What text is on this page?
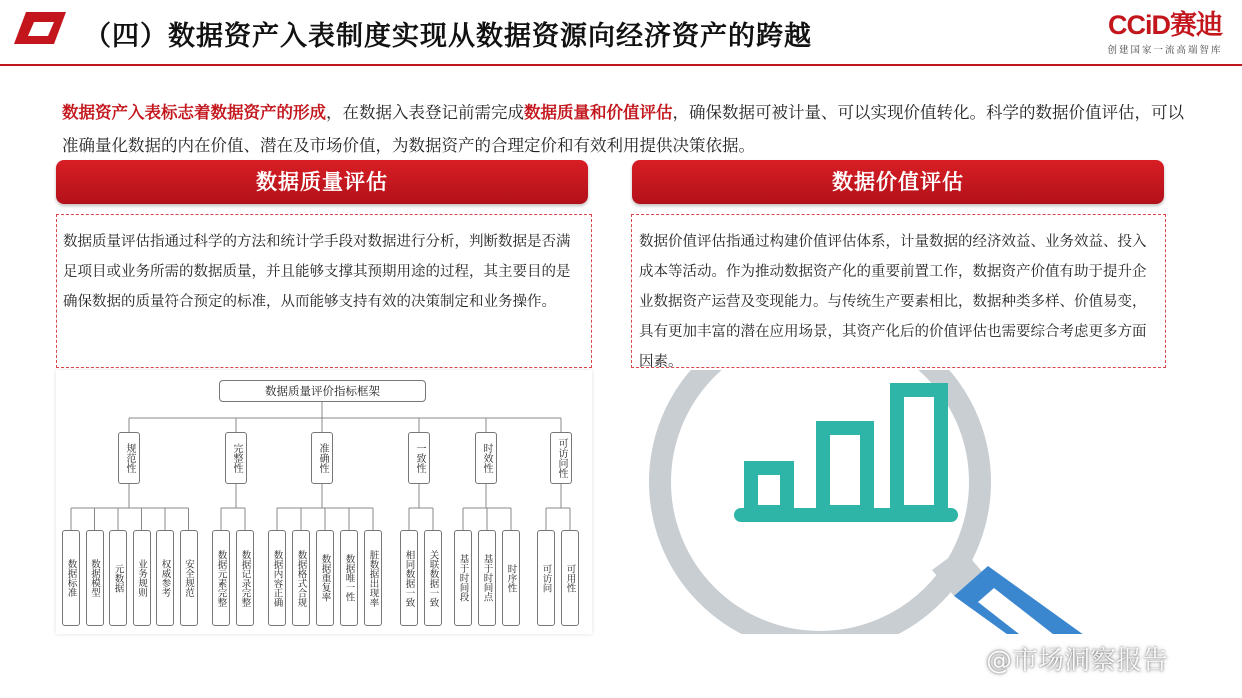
（四）数据资产入表制度实现从数据资源向经济资产的跨越	CCiD赛迪
创建国家一流高端智库

数据资产入表标志着数据资产的形成，在数据入表登记前需完成数据质量和价值评估，确保数据可被计量、可以实现价值转化。科学的数据价值评估，可以准确量化数据的内在价值、潜在及市场价值，为数据资产的合理定价和有效利用提供决策依据。

数据质量评估	数据价值评估
数据质量评估指通过科学的方法和统计学手段对数据进行分析，判断数据是否满足项目或业务所需的数据质量，并且能够支撑其预期用途的过程，其主要目的是确保数据的质量符合预定的标准，从而能够支持有效的决策制定和业务操作。
数据价值评估指通过构建价值评估体系，计量数据的经济效益、业务效益、投入成本等活动。作为推动数据资产化的重要前置工作，数据资产价值有助于提升企业数据资产运营及变现能力。与传统生产要素相比，数据种类多样、价值易变，具有更加丰富的潜在应用场景，其资产化后的价值评估也需要综合考虑更多方面因素。
数据质量评价指标框架
规范性
数据标准	数据模型	元数据	业务规则	权威参考	安全规范
完整性
数据元素完整	数据记录完整
准确性
数据内容正确	数据格式合规	数据重复率	数据唯一性	脏数据出现率
一致性
相同数据一致	关联数据一致
时效性
基于时间段	基于时间点	时序性
可访问性
可访问	可用性
@市场洞察报告
